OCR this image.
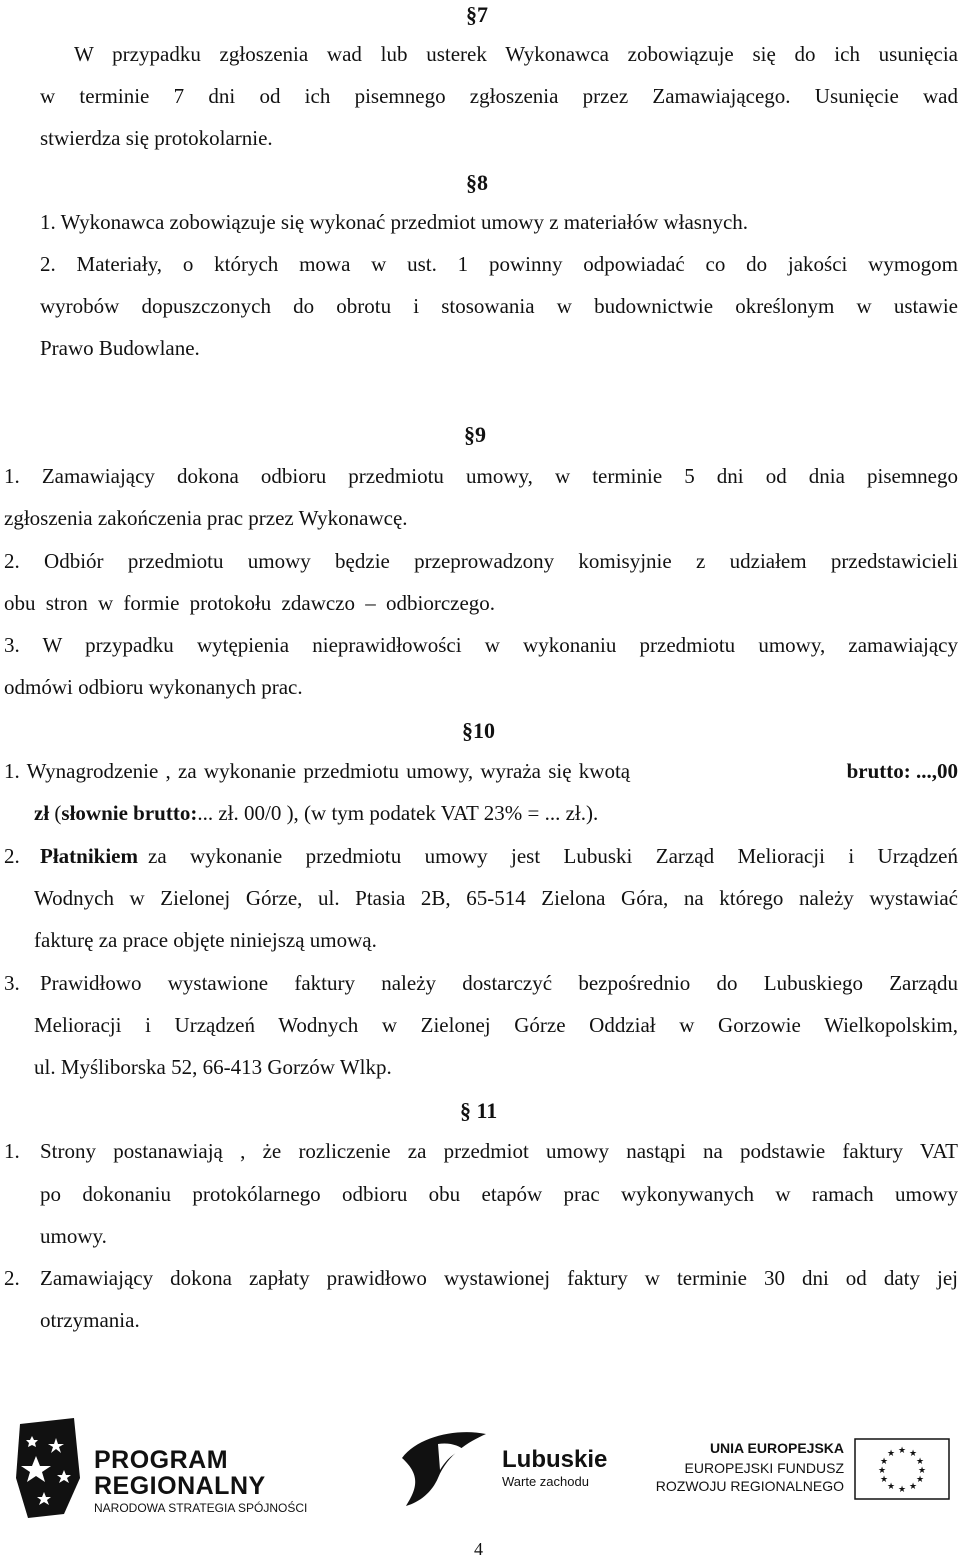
§7
W przypadku zgłoszenia wad lub usterek Wykonawca zobowiązuje się do ich usunięcia
w terminie 7 dni od ich pisemnego zgłoszenia przez Zamawiającego. Usunięcie wad
stwierdza się protokolarnie.
§8
1. Wykonawca zobowiązuje się wykonać przedmiot umowy z materiałów własnych.
2. Materiały, o których mowa w ust. 1 powinny odpowiadać co do jakości wymogom
wyrobów dopuszczonych do obrotu i stosowania w budownictwie określonym w ustawie
Prawo Budowlane.
§9
1. Zamawiający dokona odbioru przedmiotu umowy, w terminie 5 dni od dnia pisemnego
zgłoszenia zakończenia prac przez Wykonawcę.
2. Odbiór przedmiotu umowy będzie przeprowadzony komisyjnie z udziałem przedstawicieli
obu stron w formie protokołu zdawczo – odbiorczego.
3. W przypadku wytępienia nieprawidłowości w wykonaniu przedmiotu umowy, zamawiający
odmówi odbioru wykonanych prac.
§10
1. Wynagrodzenie , za wykonanie przedmiotu umowy, wyraża się kwotą	brutto: ...,00
zł (słownie brutto:... zł. 00/0 ), (w tym podatek VAT 23% = ... zł.).
2. Płatnikiem za wykonanie przedmiotu umowy jest Lubuski Zarząd Melioracji i Urządzeń
Wodnych w Zielonej Górze, ul. Ptasia 2B, 65-514 Zielona Góra, na którego należy wystawiać
fakturę za prace objęte niniejszą umową.
3. Prawidłowo wystawione faktury należy dostarczyć bezpośrednio do Lubuskiego Zarządu
Melioracji i Urządzeń Wodnych w Zielonej Górze Oddział w Gorzowie Wielkopolskim,
ul. Myśliborska 52, 66-413 Gorzów Wlkp.
§ 11
1. Strony postanawiają , że rozliczenie za przedmiot umowy nastąpi na podstawie faktury VAT
po dokonaniu protokólarnego odbioru obu etapów prac wykonywanych w ramach umowy
umowy.
2. Zamawiający dokona zapłaty prawidłowo wystawionej faktury w terminie 30 dni od daty jej
otrzymania.
PROGRAM
REGIONALNY
NARODOWA STRATEGIA SPÓJNOŚCI
Lubuskie
Warte zachodu
UNIA EUROPEJSKA
EUROPEJSKI FUNDUSZ
ROZWOJU REGIONALNEGO
★ ★
★
★
★
★
★
★
★
★
★
★
4
